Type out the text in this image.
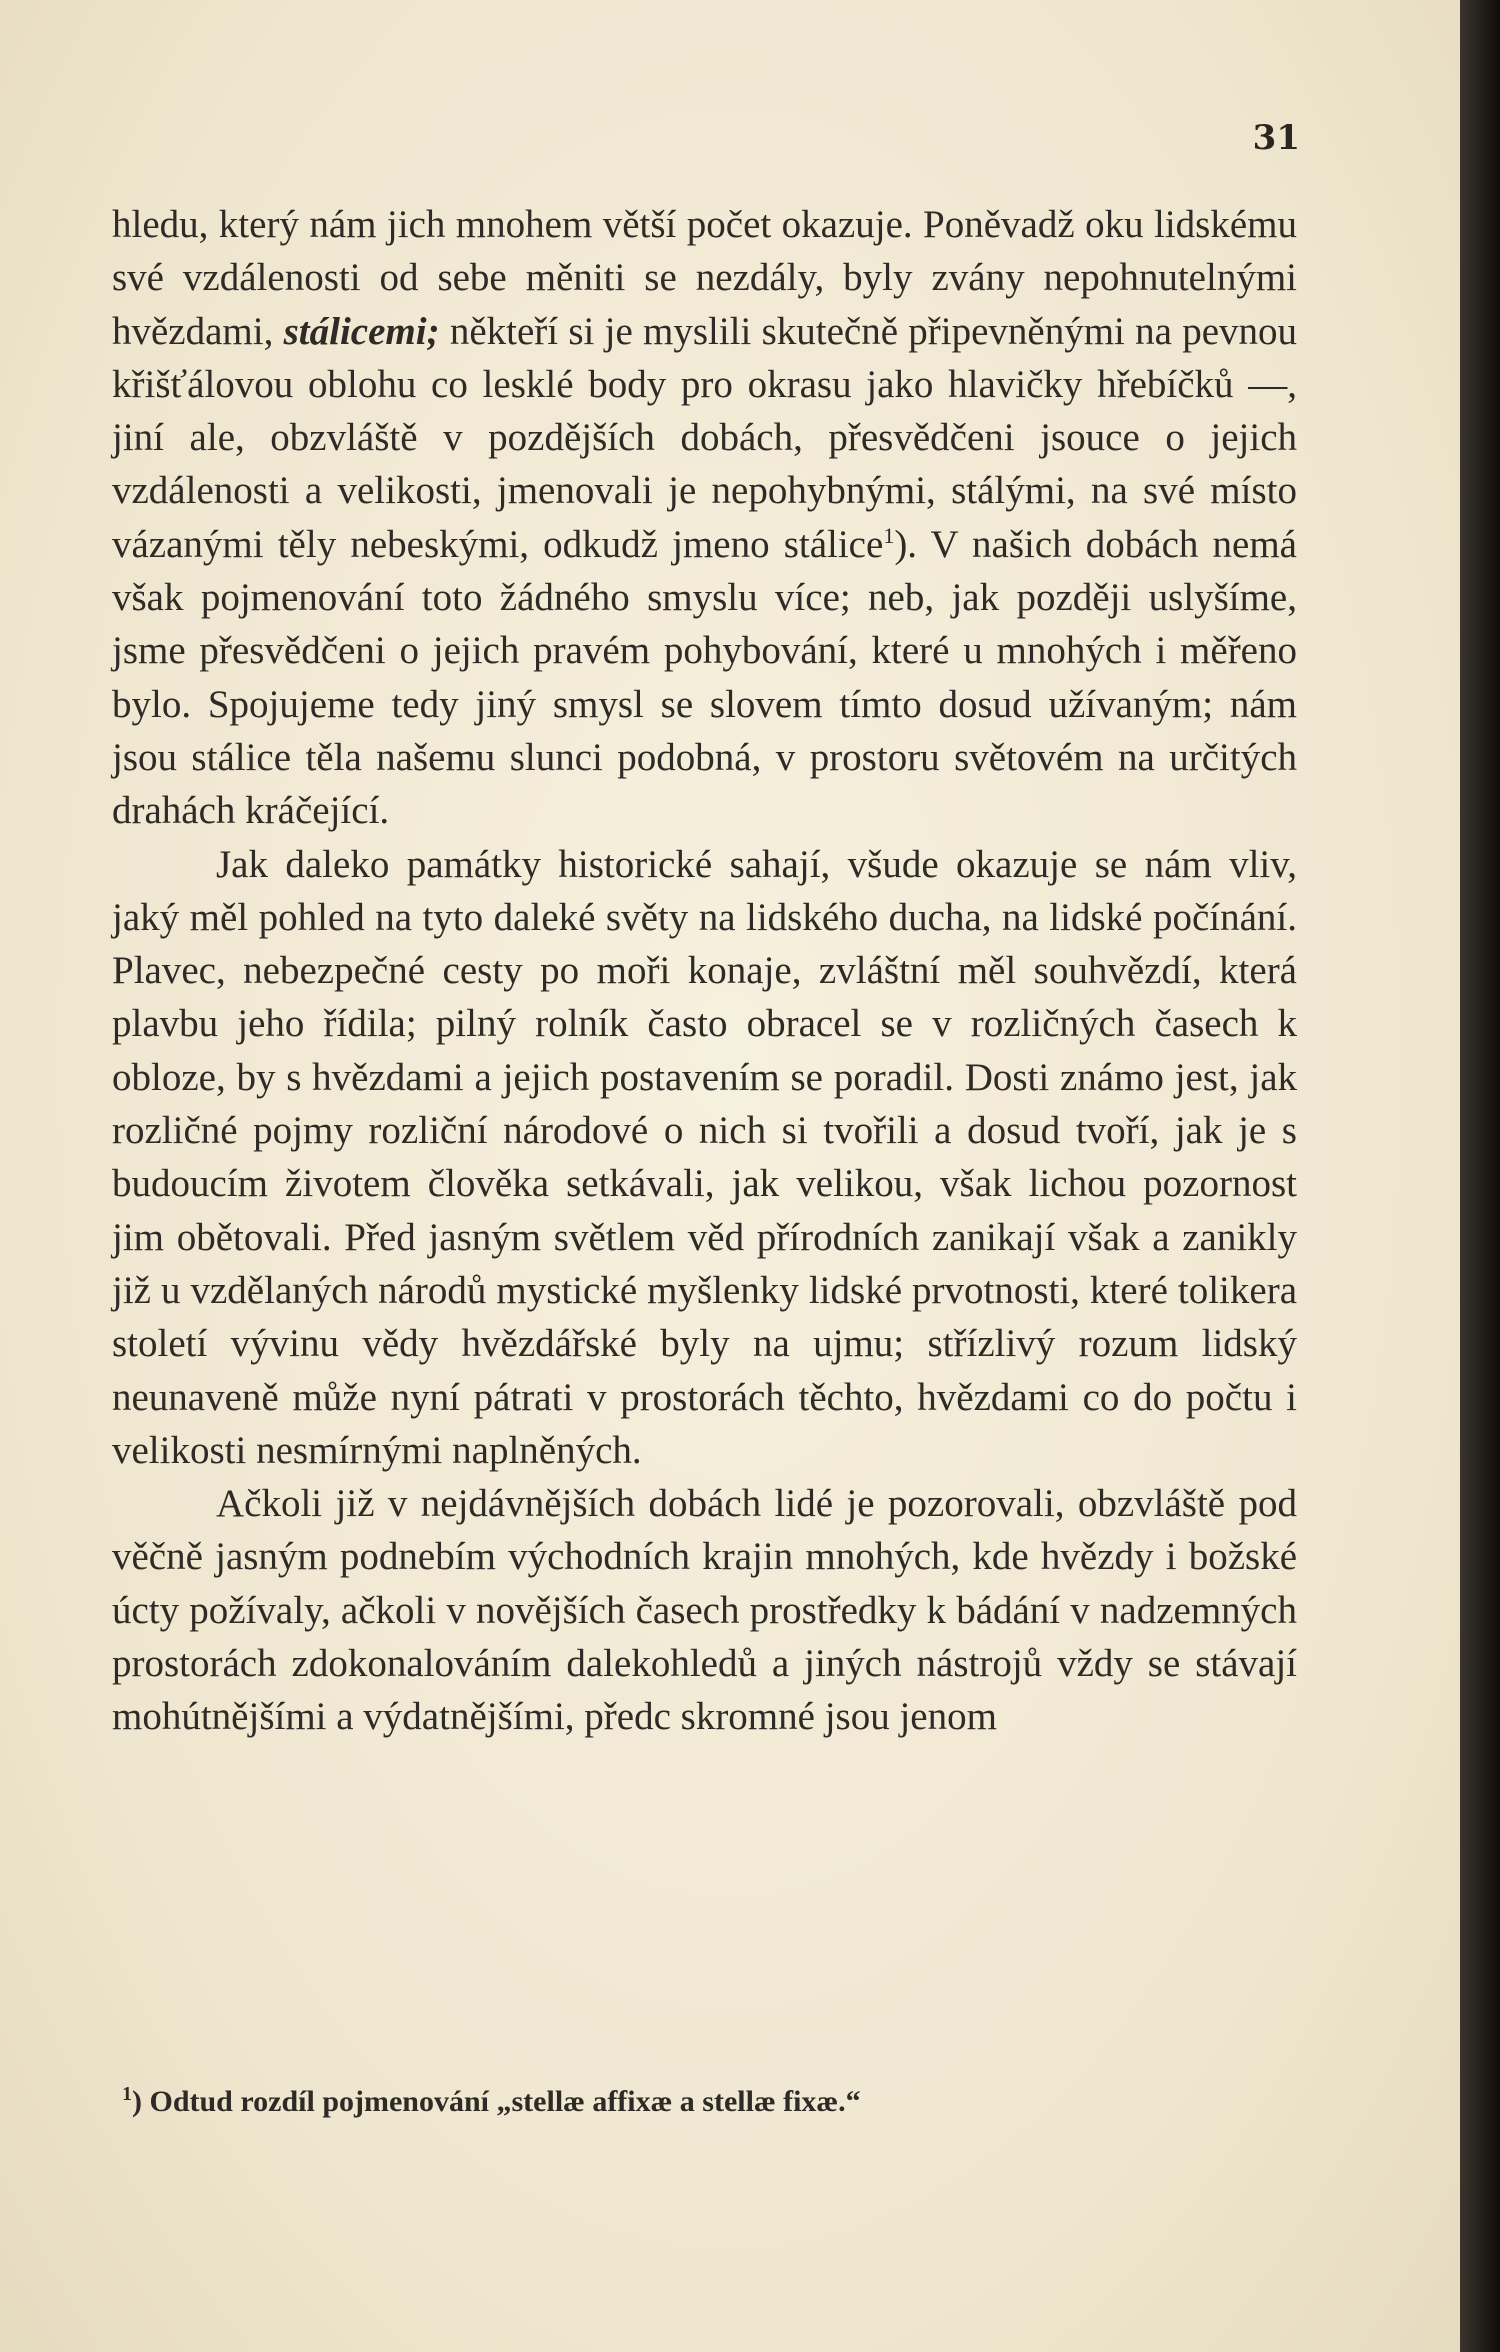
31

hledu, který nám jich mnohem větší počet okazuje. Poněvadž oku lidskému své vzdálenosti od sebe měniti se nezdály, byly zvány nepohnutelnými hvězdami, stálicemi; někteří si je myslili skutečně připevněnými na pevnou křišťálovou oblohu co lesklé body pro okrasu jako hlavičky hřebíčků —, jiní ale, obzvláště v pozdějších dobách, přesvědčeni jsouce o jejich vzdálenosti a velikosti, jmenovali je nepohybnými, stálými, na své místo vázanými těly nebeskými, odkudž jmeno stálice$^1$). V našich dobách nemá však pojmenování toto žádného smyslu více; neb, jak později uslyšíme, jsme přesvědčeni o jejich pravém pohybování, které u mnohých i měřeno bylo. Spojujeme tedy jiný smysl se slovem tímto dosud užívaným; nám jsou stálice těla našemu slunci podobná, v prostoru světovém na určitých drahách kráčející.

Jak daleko památky historické sahají, všude okazuje se nám vliv, jaký měl pohled na tyto daleké světy na lidského ducha, na lidské počínání. Plavec, nebezpečné cesty po moři konaje, zvláštní měl souhvězdí, která plavbu jeho řídila; pilný rolník často obracel se v rozličných časech k obloze, by s hvězdami a jejich postavením se poradil. Dosti známo jest, jak rozličné pojmy rozliční národové o nich si tvořili a dosud tvoří, jak je s budoucím životem člověka setkávali, jak velikou, však lichou pozornost jim obětovali. Před jasným světlem věd přírodních zanikají však a zanikly již u vzdělaných národů mystické myšlenky lidské prvotnosti, které tolikera století vývinu vědy hvězdářské byly na ujmu; střízlivý rozum lidský neunaveně může nyní pátrati v prostorách těchto, hvězdami co do počtu i velikosti nesmírnými naplněných.

Ačkoli již v nejdávnějších dobách lidé je pozorovali, obzvláště pod věčně jasným podnebím východních krajin mnohých, kde hvězdy i božské úcty požívaly, ačkoli v novějších časech prostředky k bádání v nadzemných prostorách zdokonalováním dalekohledů a jiných nástrojů vždy se stávají mohútnějšími a výdatnějšími, předc skromné jsou jenom

$^1$) Odtud rozdíl pojmenování „stellæ affixæ a stellæ fixæ.“
